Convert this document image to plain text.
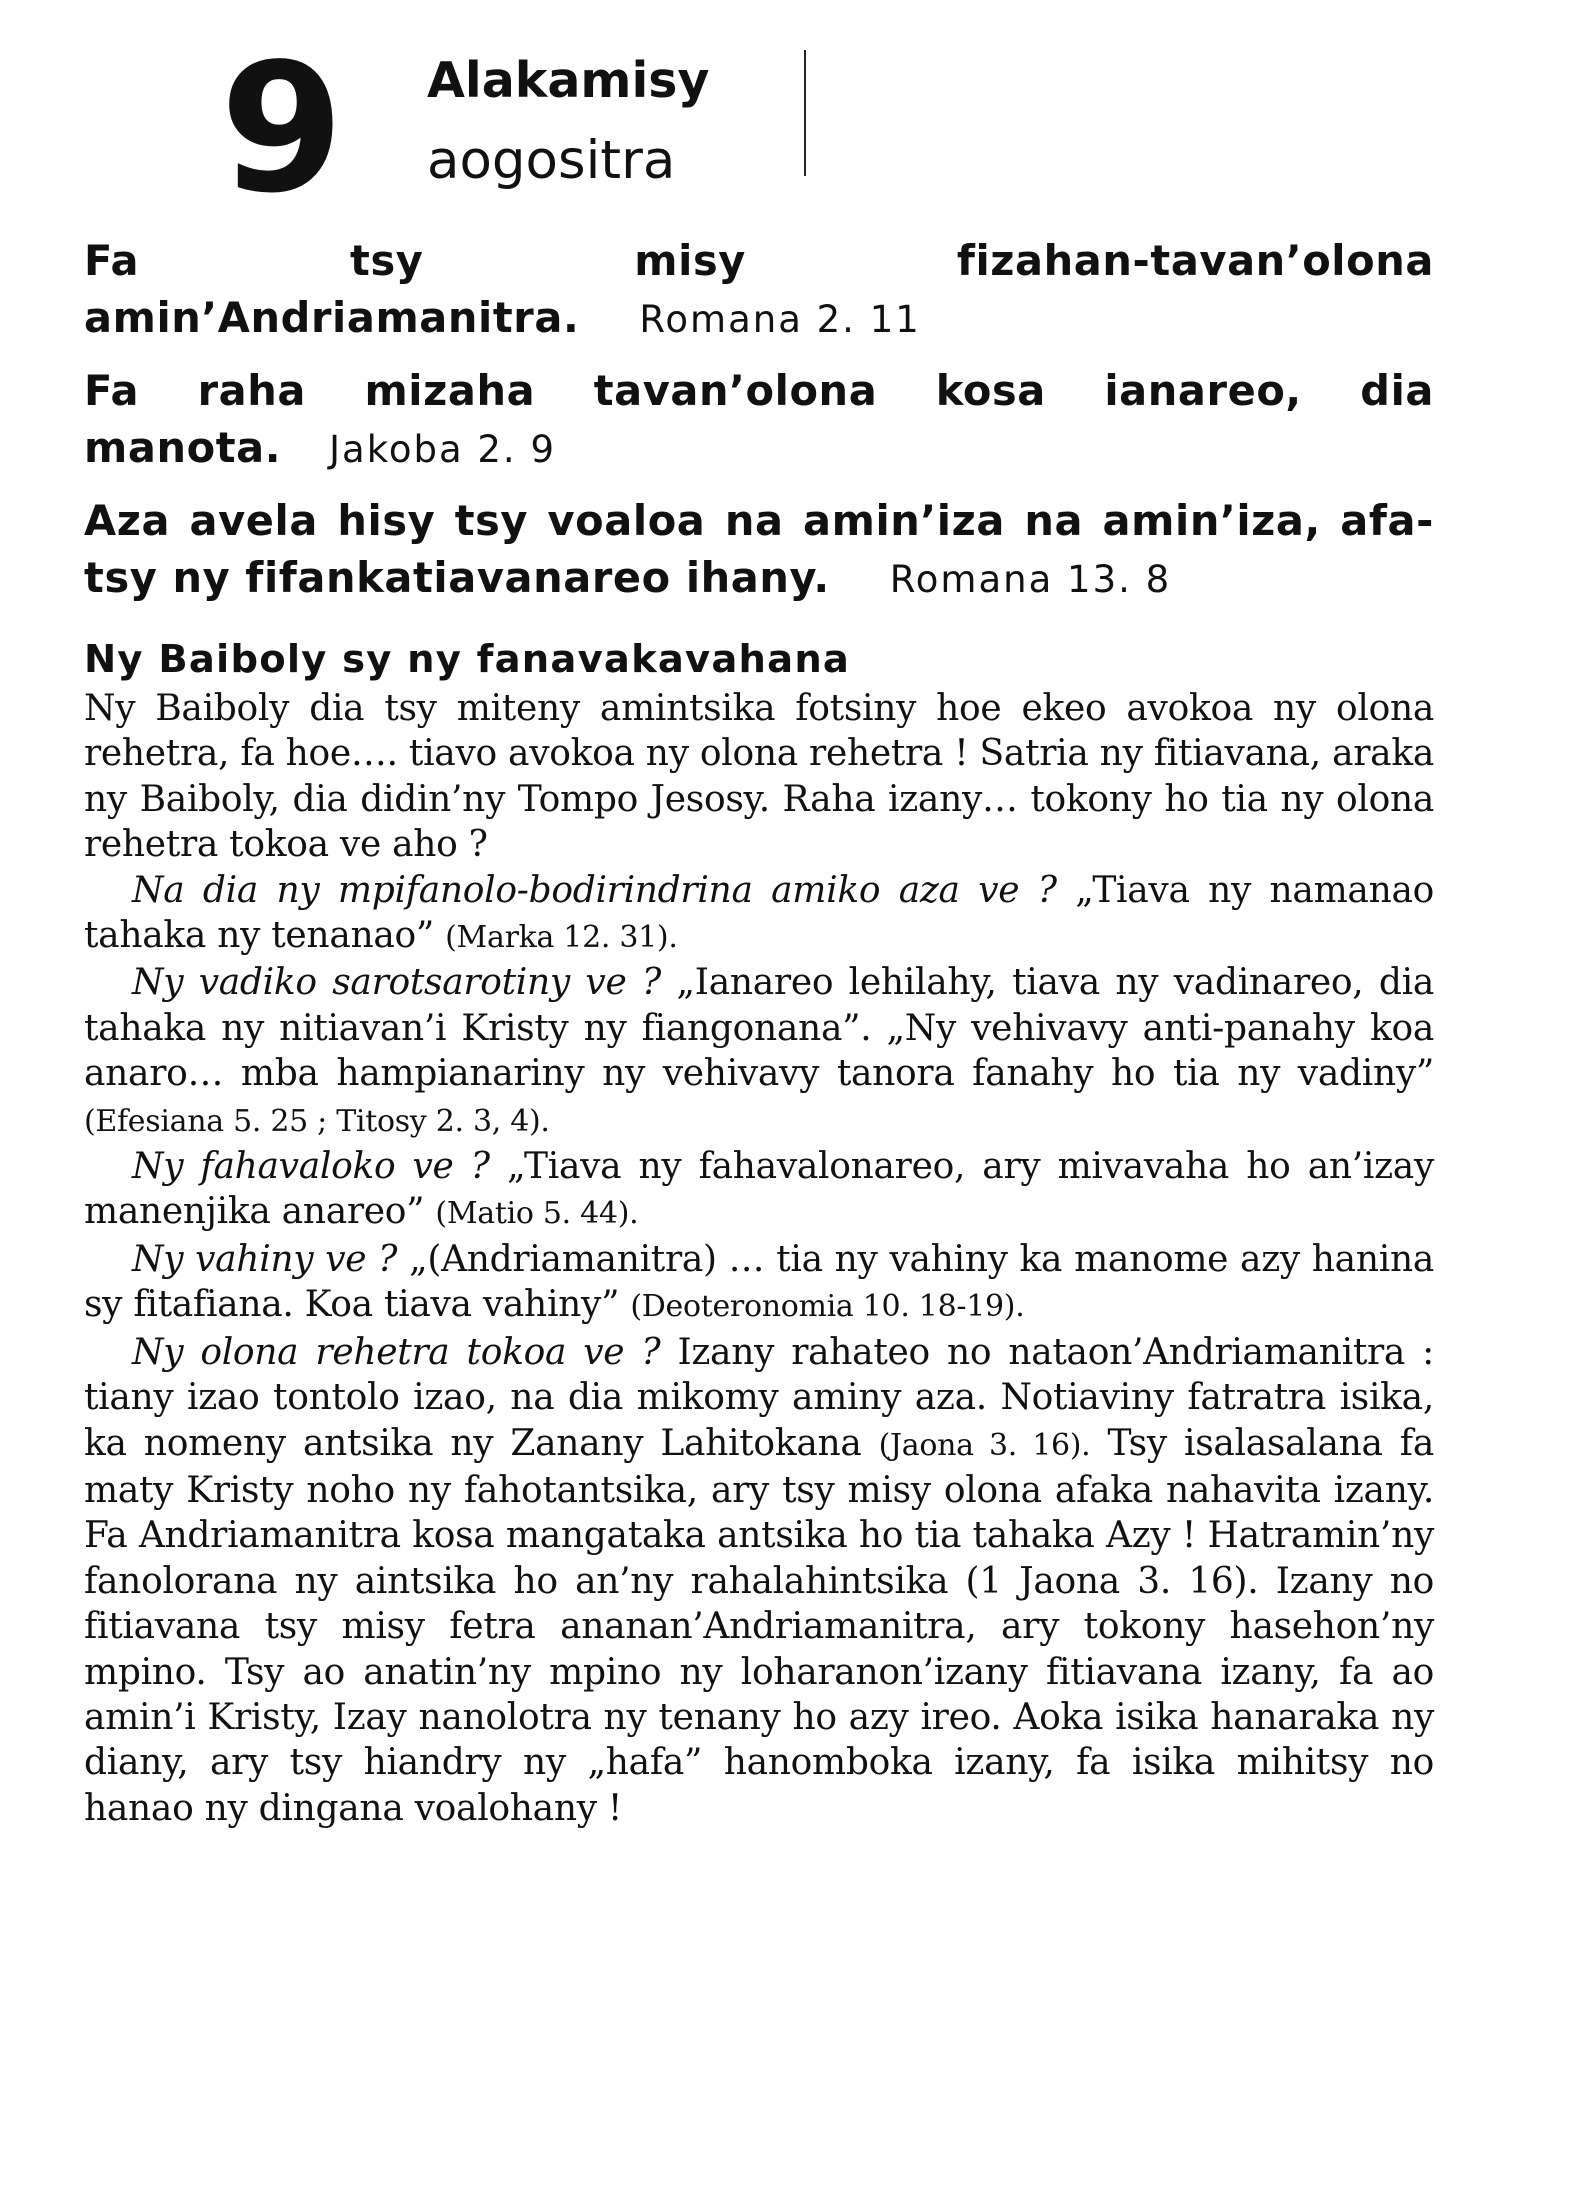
9 Alakamisy
aogositra
Fa tsy misy fizahan-tavan’olona amin’Andriamanitra. Romana 2. 11
Fa raha mizaha tavan’olona kosa ianareo, dia manota. Jakoba 2. 9
Aza avela hisy tsy voaloa na amin’iza na amin’iza, afa-tsy ny fifankatiavanareo ihany. Romana 13. 8
Ny Baiboly sy ny fanavakavahana

Ny Baiboly dia tsy miteny amintsika fotsiny hoe ekeo avokoa ny olona rehetra, fa hoe…. tiavo avokoa ny olona rehetra ! Satria ny fitiavana, araka ny Baiboly, dia didin’ny Tompo Jesosy. Raha izany… tokony ho tia ny olona rehetra tokoa ve aho ?

Na dia ny mpifanolo-bodirindrina amiko aza ve ? „Tiava ny namanao tahaka ny tenanao” (Marka 12. 31).

Ny vadiko sarotsarotiny ve ? „Ianareo lehilahy, tiava ny vadinareo, dia tahaka ny nitiavan’i Kristy ny fiangonana”. „Ny vehivavy anti-panahy koa anaro… mba hampianariny ny vehivavy tanora fanahy ho tia ny vadiny” (Efesiana 5. 25 ; Titosy 2. 3, 4).

Ny fahavaloko ve ? „Tiava ny fahavalonareo, ary mivavaha ho an’izay manenjika anareo” (Matio 5. 44).

Ny vahiny ve ? „(Andriamanitra) … tia ny vahiny ka manome azy hanina sy fitafiana. Koa tiava vahiny” (Deoteronomia 10. 18-19).

Ny olona rehetra tokoa ve ? Izany rahateo no nataon’Andriamanitra : tiany izao tontolo izao, na dia mikomy aminy aza. Notiaviny fatratra isika, ka nomeny antsika ny Zanany Lahitokana (Jaona 3. 16). Tsy isalasalana fa maty Kristy noho ny fahotantsika, ary tsy misy olona afaka nahavita izany. Fa Andriamanitra kosa mangataka antsika ho tia tahaka Azy ! Hatramin’ny fanolorana ny aintsika ho an’ny rahalahintsika (1 Jaona 3. 16). Izany no fitiavana tsy misy fetra ananan’Andriamanitra, ary tokony hasehon’ny mpino. Tsy ao anatin’ny mpino ny loharanon’izany fitiavana izany, fa ao amin’i Kristy, Izay nanolotra ny tenany ho azy ireo. Aoka isika hanaraka ny diany, ary tsy hiandry ny „hafa” hanomboka izany, fa isika mihitsy no hanao ny dingana voalohany !
